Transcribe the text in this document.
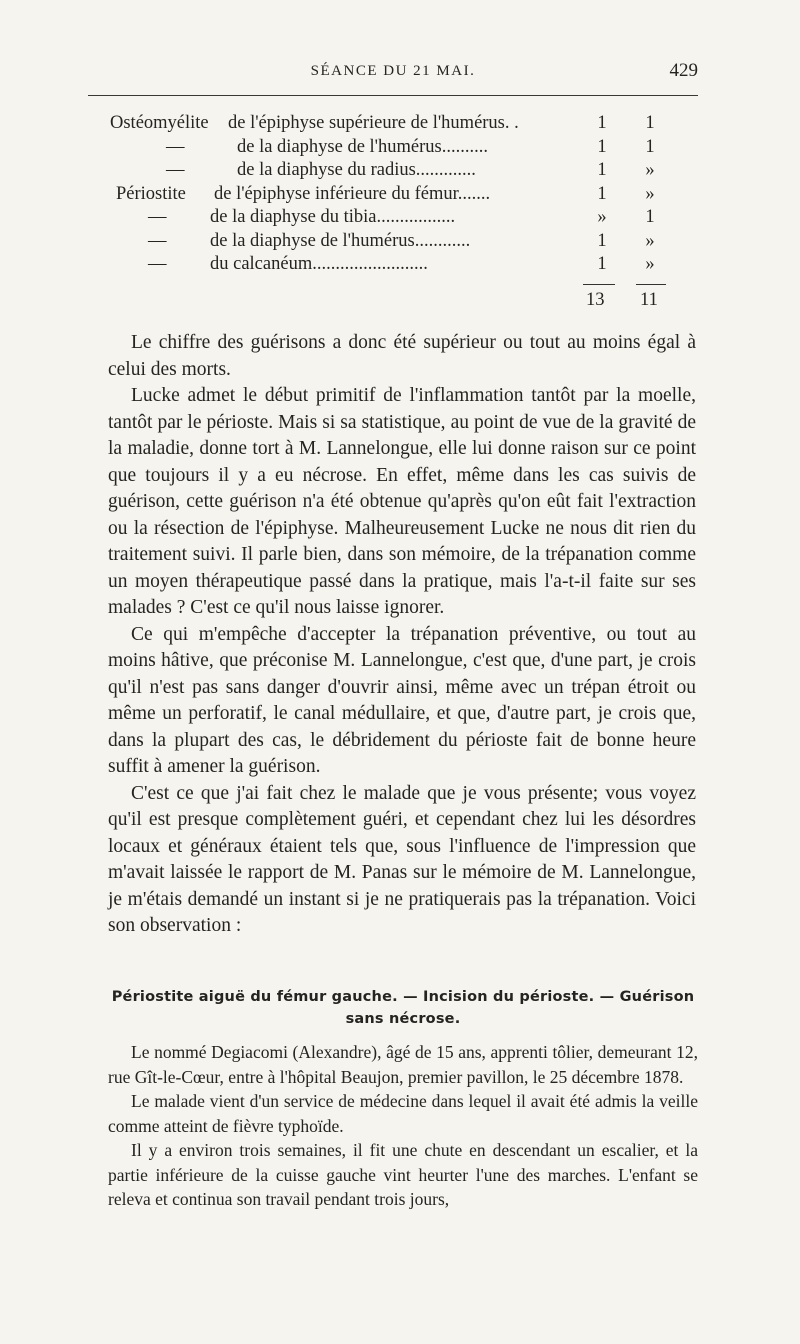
SÉANCE DU 21 MAI.	429
Ostéomyélite de l'épiphyse supérieure de l'humérus. .	1 1
—	de la diaphyse de l'humérus..........	1 1
—	de la diaphyse du radius.............	1 »
Périostite de l'épiphyse inférieure du fémur.......	1 »
— de la diaphyse du tibia.................	» 1
— de la diaphyse de l'humérus............	1 »
— du calcanéum.........................	1 »
13 11

Le chiffre des guérisons a donc été supérieur ou tout au moins égal à celui des morts.

Lucke admet le début primitif de l'inflammation tantôt par la moelle, tantôt par le périoste. Mais si sa statistique, au point de vue de la gravité de la maladie, donne tort à M. Lannelongue, elle lui donne raison sur ce point que toujours il y a eu nécrose. En effet, même dans les cas suivis de guérison, cette guérison n'a été obtenue qu'après qu'on eût fait l'extraction ou la résection de l'épiphyse. Malheureusement Lucke ne nous dit rien du traitement suivi. Il parle bien, dans son mémoire, de la trépanation comme un moyen thérapeutique passé dans la pratique, mais l'a-t-il faite sur ses malades ? C'est ce qu'il nous laisse ignorer.

Ce qui m'empêche d'accepter la trépanation préventive, ou tout au moins hâtive, que préconise M. Lannelongue, c'est que, d'une part, je crois qu'il n'est pas sans danger d'ouvrir ainsi, même avec un trépan étroit ou même un perforatif, le canal médullaire, et que, d'autre part, je crois que, dans la plupart des cas, le débridement du périoste fait de bonne heure suffit à amener la guérison.

C'est ce que j'ai fait chez le malade que je vous présente; vous voyez qu'il est presque complètement guéri, et cependant chez lui les désordres locaux et généraux étaient tels que, sous l'influence de l'impression que m'avait laissée le rapport de M. Panas sur le mémoire de M. Lannelongue, je m'étais demandé un instant si je ne pratiquerais pas la trépanation. Voici son observation :

Périostite aiguë du fémur gauche. — Incision du périoste. — Guérison sans nécrose.

Le nommé Degiacomi (Alexandre), âgé de 15 ans, apprenti tôlier, demeurant 12, rue Gît-le-Cœur, entre à l'hôpital Beaujon, premier pavillon, le 25 décembre 1878.

Le malade vient d'un service de médecine dans lequel il avait été admis la veille comme atteint de fièvre typhoïde.

Il y a environ trois semaines, il fit une chute en descendant un escalier, et la partie inférieure de la cuisse gauche vint heurter l'une des marches. L'enfant se releva et continua son travail pendant trois jours,
